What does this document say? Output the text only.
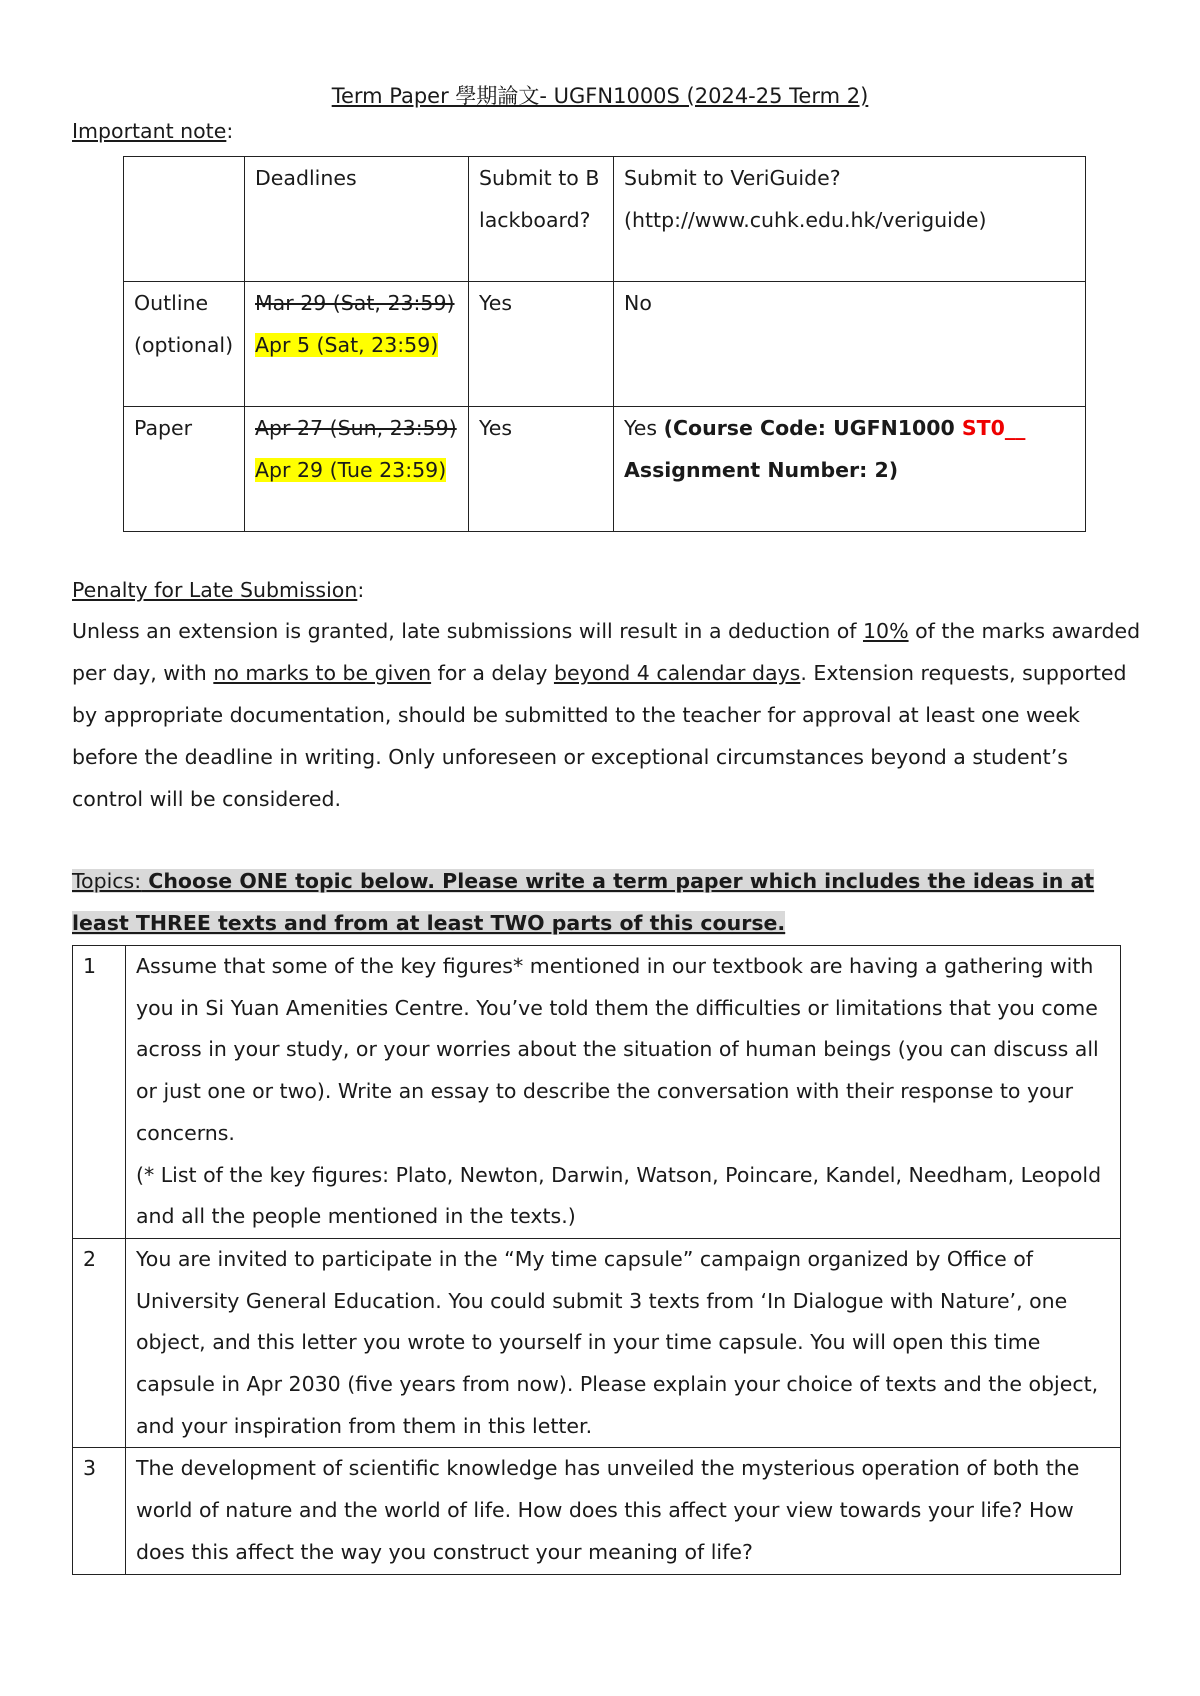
Term Paper 學期論文- UGFN1000S (2024-25 Term 2)
Important note:
	Deadlines	Submit to Blackboard?	Submit to VeriGuide?
(http://www.cuhk.edu.hk/veriguide)

Outline (optional)	Mar 29 (Sat, 23:59) Apr 5 (Sat, 23:59)	Yes	No
Paper	Apr 27 (Sun, 23:59) Apr 29 (Tue 23:59)	Yes	Yes (Course Code: UGFN1000 ST0__
Assignment Number: 2)
Penalty for Late Submission:
Unless an extension is granted, late submissions will result in a deduction of 10% of the marks awarded per day, with no marks to be given for a delay beyond 4 calendar days. Extension requests, supported by appropriate documentation, should be submitted to the teacher for approval at least one week before the deadline in writing. Only unforeseen or exceptional circumstances beyond a student’s control will be considered.
Topics: Choose ONE topic below. Please write a term paper which includes the ideas in at least THREE texts and from at least TWO parts of this course.
1	Assume that some of the key figures* mentioned in our textbook are having a gathering with you in Si Yuan Amenities Centre. You’ve told them the difficulties or limitations that you come across in your study, or your worries about the situation of human beings (you can discuss all or just one or two). Write an essay to describe the conversation with their response to your concerns.
(* List of the key figures: Plato, Newton, Darwin, Watson, Poincare, Kandel, Needham, Leopold and all the people mentioned in the texts.)

2	You are invited to participate in the “My time capsule” campaign organized by Office of University General Education. You could submit 3 texts from ‘In Dialogue with Nature’, one object, and this letter you wrote to yourself in your time capsule. You will open this time capsule in Apr 2030 (five years from now). Please explain your choice of texts and the object, and your inspiration from them in this letter.
3	The development of scientific knowledge has unveiled the mysterious operation of both the world of nature and the world of life. How does this affect your view towards your life? How does this affect the way you construct your meaning of life?
